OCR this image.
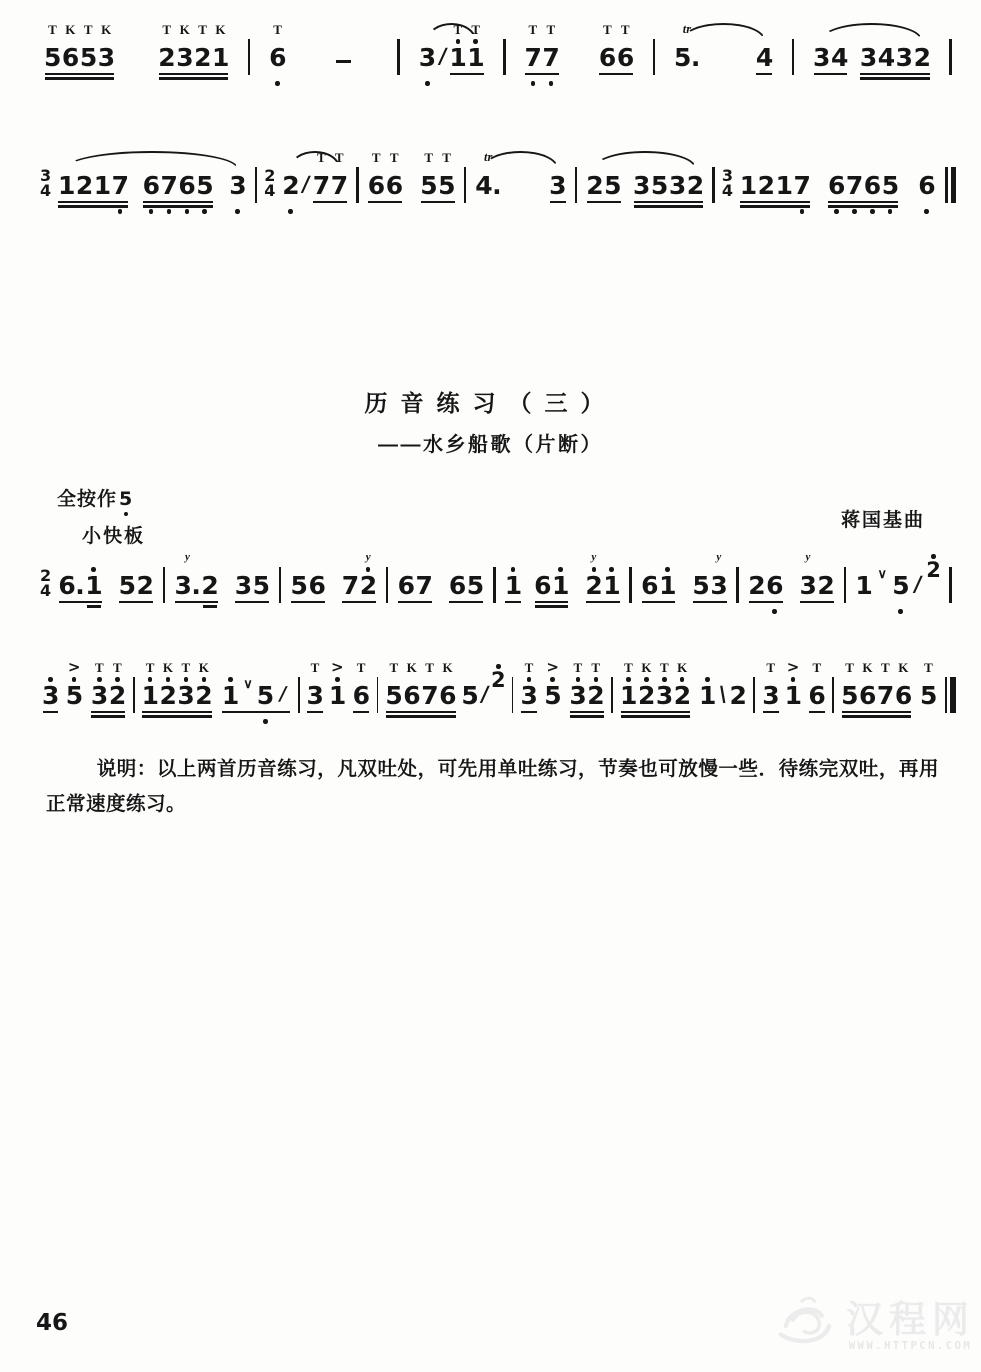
T
5
K
6
T
5
K
3
T
2
K
3
T
2
K
1
T
6	3 /
T
1
T
1
T
7
T
7
T
6
T
6
tr
5. 4 3 4 3 4 3 2
3
4 1 2 1 7 6 7 6 5 3 2
4 2 /
T
7
T
7
T
6
T
6
T
5
T
5
tr
4. 3 2 5 3 5 3 2 3
4 1 2 1 7 6 7 6 5 6
历音练习（三）
——水乡船歌（片断）
全按作 5
小快板
蒋国基曲
2
4 6. 1 5 2
y
3. 2 3 5 5 6 7
y
2 6 7 6 5 1 6 1
y
2 1 6 1 5
y
3 2 6
y
3 2 1 ∨ 5 /
2
3
>
5
T
3
T
2
T
1
K
2
T
3
K
2 1 ∨ 5 /
T
3
>
1
T
6
T
5
K
6
T
7
K
6 5 /
2
T
3
>
5
T
3
T
2
T
1
K
2
T
3
K
2 1 \ 2
T
3
>
1
T
6
T
5
K
6
T
7
K
6
T
5

说明：以上两首历音练习，凡双吐处，可先用单吐练习，节奏也可放慢一些．待练完双吐，再用正常速度练习。

46	汉程网
WWW.HTTPCN.COM
